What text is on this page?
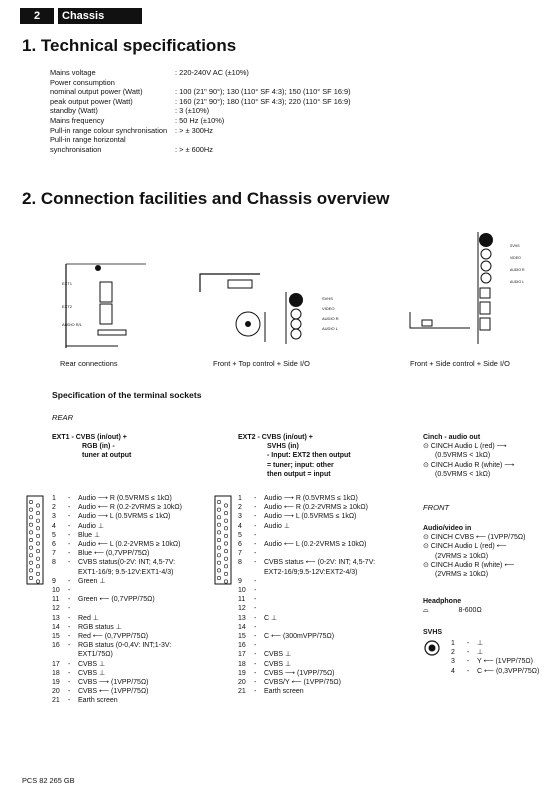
2	Chassis MD1.2E
1. Technical specifications
Mains voltage	: 220-240V AC (±10%)
Power consumption
nominal output power (Watt)	: 100 (21" 90°); 130 (110° SF 4:3); 150 (110° SF 16:9)
peak output power (Watt)	: 160 (21" 90°); 180 (110° SF 4:3); 220 (110° SF 16:9)
standby (Watt)	: 3 (±10%)
Mains frequency	: 50 Hz (±10%)
Pull-in range colour synchronisation	: > ± 300Hz
Pull-in range horizontal
synchronisation	: > ± 600Hz
2. Connection facilities and Chassis overview
EXT1
EXT2
AUDIO R/L
SVHS
VIDEO
AUDIO R
AUDIO L
SVHS
VIDEO
AUDIO R
AUDIO L
Rear connections	Front + Top control + Side I/O	Front + Side control + Side I/O
Specification of the terminal sockets
REAR
EXT1 - CVBS (in/out) +
RGB (in) -
tuner at output
EXT2 - CVBS (in/out) +
SVHS (in)
- Input: EXT2 then output
= tuner; input: other
then output = input
1	-	Audio ⟶ R (0.5VRMS ≤ 1kΩ)
2	-	Audio ⟵ R (0.2-2VRMS ≥ 10kΩ)
3	-	Audio ⟶ L (0.5VRMS ≤ 1kΩ)
4	-	Audio ⊥
5	-	Blue ⊥
6	-	Audio ⟵ L (0.2-2VRMS ≥ 10kΩ)
7	-	Blue ⟵ (0,7VPP/75Ω)
8	-	CVBS status(0-2V: INT; 4,5-7V:
EXT1-16/9; 9.5-12V:EXT1-4/3)
9	-	Green ⊥
10	-
11	-	Green ⟵ (0,7VPP/75Ω)
12	-
13	-	Red ⊥
14	-	RGB status ⊥
15	-	Red ⟵ (0,7VPP/75Ω)
16	-	RGB status (0-0,4V: INT;1-3V:
EXT1/75Ω)
17	-	CVBS ⊥
18	-	CVBS ⊥
19	-	CVBS ⟶ (1VPP/75Ω)
20	-	CVBS ⟵ (1VPP/75Ω)
21	-	Earth screen
1	-	Audio ⟶ R (0.5VRMS ≤ 1kΩ)
2	-	Audio ⟵ R (0.2-2VRMS ≥ 10kΩ)
3	-	Audio ⟶ L (0.5VRMS ≤ 1kΩ)
4	-	Audio ⊥
5	-
6	-	Audio ⟵ L (0.2-2VRMS ≥ 10kΩ)
7	-
8	-	CVBS status ⟵ (0-2V: INT; 4,5-7V:
EXT2-16/9;9.5-12V:EXT2-4/3)
9	-
10	-
11	-
12	-
13	-	C ⊥
14	-
15	-	C ⟵ (300mVPP/75Ω)
16	-
17	-	CVBS ⊥
18	-	CVBS ⊥
19	-	CVBS ⟶ (1VPP/75Ω)
20	-	CVBS/Y ⟵ (1VPP/75Ω)
21	-	Earth screen
Cinch - audio out
⊙ CINCH Audio L (red) ⟶
(0.5VRMS < 1kΩ)
⊙ CINCH Audio R (white) ⟶
(0.5VRMS < 1kΩ)
FRONT
Audio/video in
⊙ CINCH CVBS ⟵ (1VPP/75Ω)
⊙ CINCH Audio L (red) ⟵
(2VRMS ≥ 10kΩ)
⊙ CINCH Audio R (white) ⟵
(2VRMS ≥ 10kΩ)
Headphone
⌓	8-600Ω
SVHS
1	-	⊥
2	-	⊥
3	-	Y ⟵ (1VPP/75Ω)
4	-	C ⟵ (0,3VPP/75Ω)
PCS 82 265 GB
